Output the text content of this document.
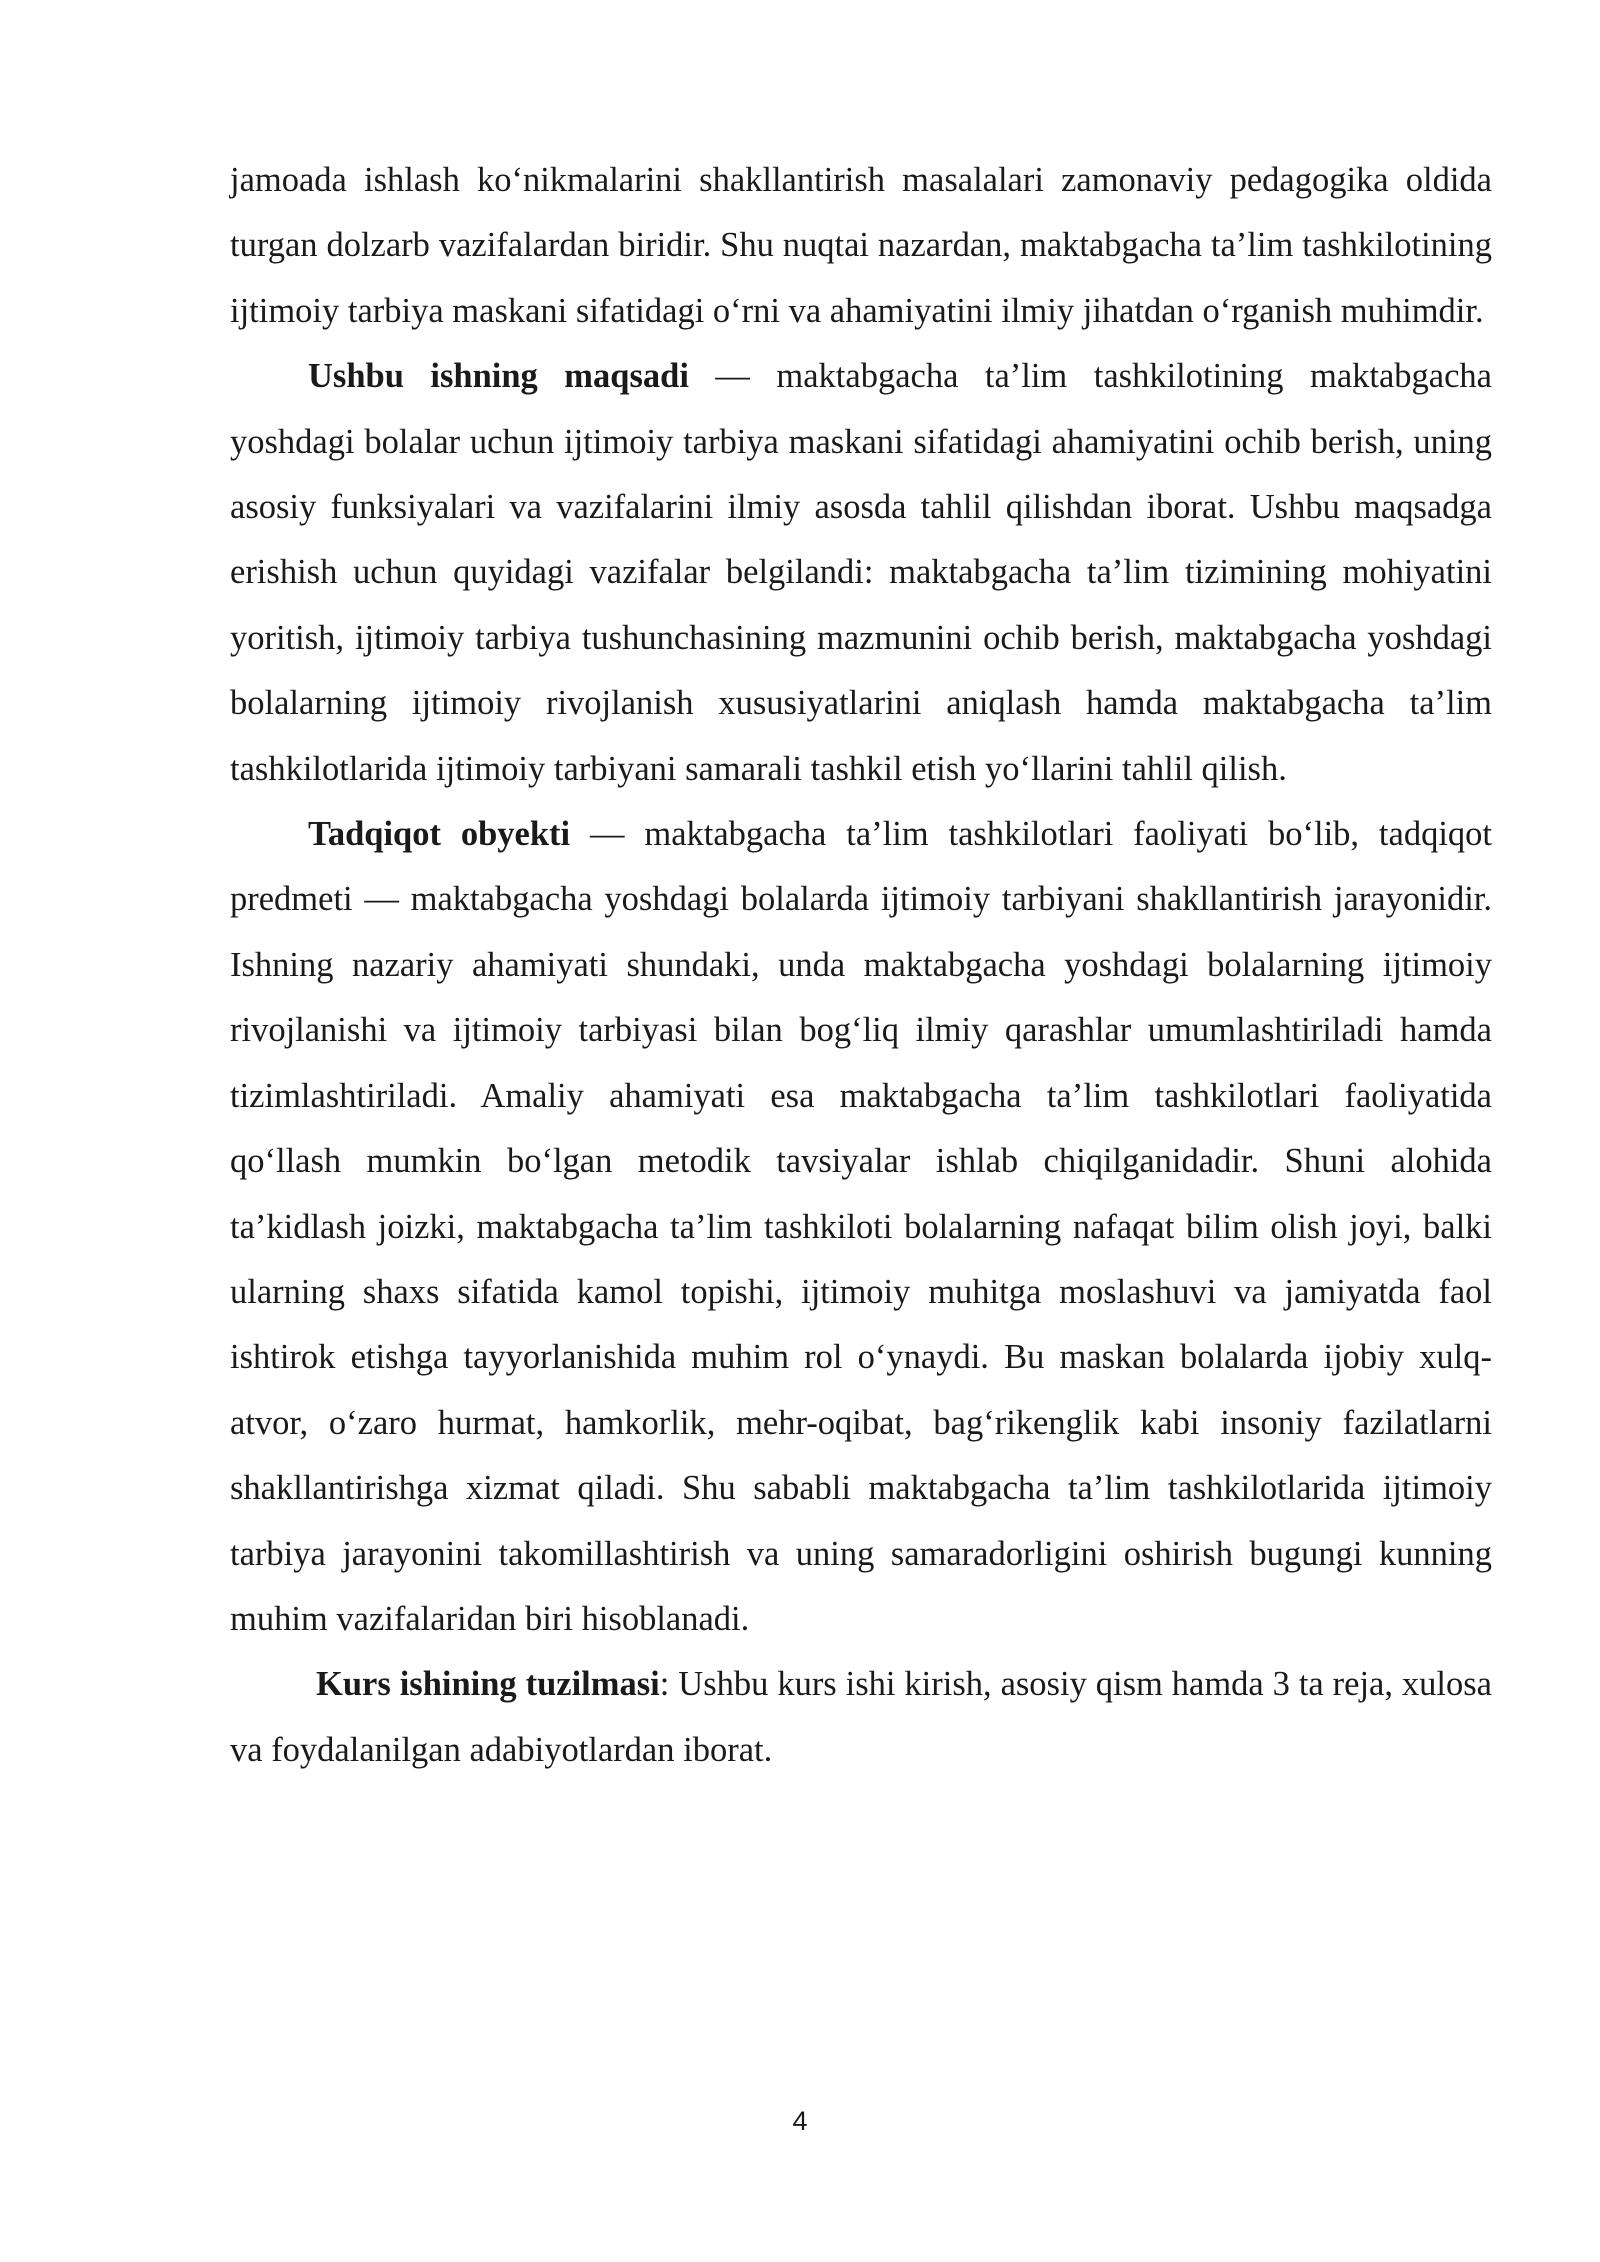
jamoada ishlash ko‘nikmalarini shakllantirish masalalari zamonaviy pedagogika oldida turgan dolzarb vazifalardan biridir. Shu nuqtai nazardan, maktabgacha ta’lim tashkilotining ijtimoiy tarbiya maskani sifatidagi o‘rni va ahamiyatini ilmiy jihatdan o‘rganish muhimdir.

Ushbu ishning maqsadi — maktabgacha ta’lim tashkilotining maktabgacha yoshdagi bolalar uchun ijtimoiy tarbiya maskani sifatidagi ahamiyatini ochib berish, uning asosiy funksiyalari va vazifalarini ilmiy asosda tahlil qilishdan iborat. Ushbu maqsadga erishish uchun quyidagi vazifalar belgilandi: maktabgacha ta’lim tizimining mohiyatini yoritish, ijtimoiy tarbiya tushunchasining mazmunini ochib berish, maktabgacha yoshdagi bolalarning ijtimoiy rivojlanish xususiyatlarini aniqlash hamda maktabgacha ta’lim tashkilotlarida ijtimoiy tarbiyani samarali tashkil etish yo‘llarini tahlil qilish.

Tadqiqot obyekti — maktabgacha ta’lim tashkilotlari faoliyati bo‘lib, tadqiqot predmeti — maktabgacha yoshdagi bolalarda ijtimoiy tarbiyani shakllantirish jarayonidir. Ishning nazariy ahamiyati shundaki, unda maktabgacha yoshdagi bolalarning ijtimoiy rivojlanishi va ijtimoiy tarbiyasi bilan bog‘liq ilmiy qarashlar umumlashtiriladi hamda tizimlashtiriladi. Amaliy ahamiyati esa maktabgacha ta’lim tashkilotlari faoliyatida qo‘llash mumkin bo‘lgan metodik tavsiyalar ishlab chiqilganidadir. Shuni alohida ta’kidlash joizki, maktabgacha ta’lim tashkiloti bolalarning nafaqat bilim olish joyi, balki ularning shaxs sifatida kamol topishi, ijtimoiy muhitga moslashuvi va jamiyatda faol ishtirok etishga tayyorlanishida muhim rol o‘ynaydi. Bu maskan bolalarda ijobiy xulq-atvor, o‘zaro hurmat, hamkorlik, mehr-oqibat, bag‘rikenglik kabi insoniy fazilatlarni shakllantirishga xizmat qiladi. Shu sababli maktabgacha ta’lim tashkilotlarida ijtimoiy tarbiya jarayonini takomillashtirish va uning samaradorligini oshirish bugungi kunning muhim vazifalaridan biri hisoblanadi.

Kurs ishining tuzilmasi: Ushbu kurs ishi kirish, asosiy qism hamda 3 ta reja, xulosa va foydalanilgan adabiyotlardan iborat.

4
